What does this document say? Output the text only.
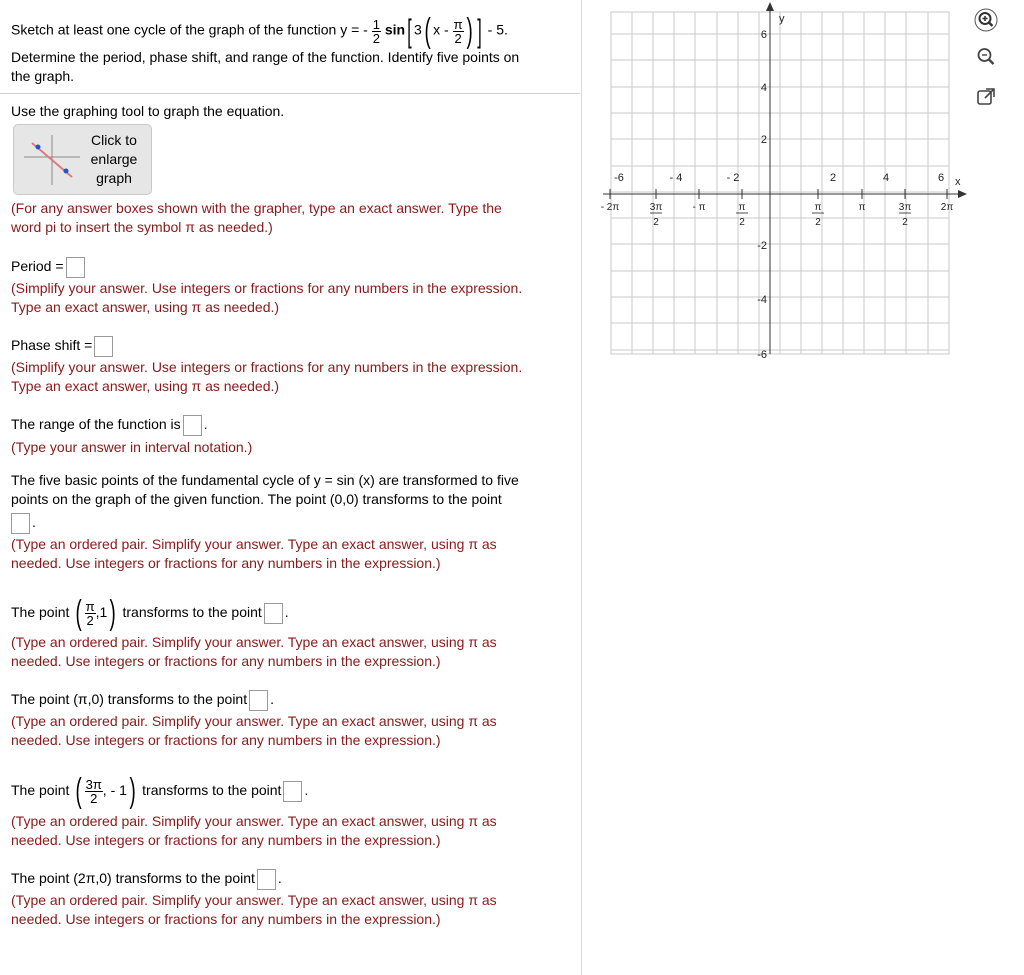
Sketch at least one cycle of the graph of the function y = - $\frac{1}{2} \sin$[ 3( x - $\frac{\pi}{2}$ ) ] - 5.
Determine the period, phase shift, and range of the function. Identify five points on
the graph.
Use the graphing tool to graph the equation.
Click to
enlarge
graph
(For any answer boxes shown with the grapher, type an exact answer. Type the
word pi to insert the symbol π as needed.)
Period =
(Simplify your answer. Use integers or fractions for any numbers in the expression.
Type an exact answer, using π as needed.)
Phase shift =
(Simplify your answer. Use integers or fractions for any numbers in the expression.
Type an exact answer, using π as needed.)
The range of the function is .
(Type your answer in interval notation.)
The five basic points of the fundamental cycle of y = sin (x) are transformed to five
points on the graph of the given function. The point (0,0) transforms to the point
.
(Type an ordered pair. Simplify your answer. Type an exact answer, using π as
needed. Use integers or fractions for any numbers in the expression.)
The point ( $\frac{\pi}{2} ,1$) transforms to the point .
(Type an ordered pair. Simplify your answer. Type an exact answer, using π as
needed. Use integers or fractions for any numbers in the expression.)
The point (π,0) transforms to the point .
(Type an ordered pair. Simplify your answer. Type an exact answer, using π as
needed. Use integers or fractions for any numbers in the expression.)
The point ( $\frac{3\pi}{2}$ , - 1) transforms to the point .
(Type an ordered pair. Simplify your answer. Type an exact answer, using π as
needed. Use integers or fractions for any numbers in the expression.)
The point (2π,0) transforms to the point .
(Type an ordered pair. Simplify your answer. Type an exact answer, using π as
needed. Use integers or fractions for any numbers in the expression.)
y
x
6
4
2
-2
-4
-6
-6	- 4	- 2	2	4	6
- 2π	3π
2
- π	π
2
π
2
π	3π
2
2π
